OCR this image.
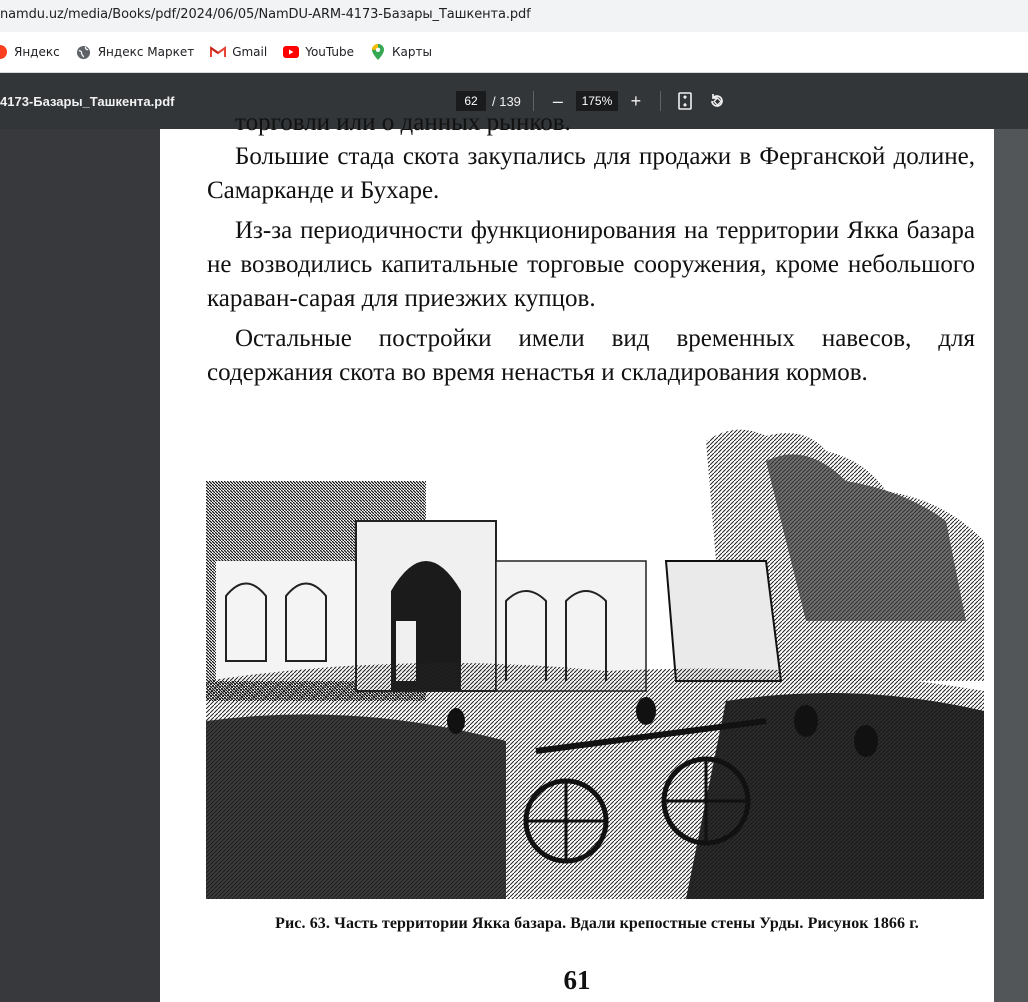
namdu.uz/media/Books/pdf/2024/06/05/NamDU-ARM-4173-Базары_Ташкента.pdf
Яндекс	Яндекс Маркет	Gmail	YouTube	Карты
4173-Базары_Ташкента.pdf	62	/ 139	–	175%	+
торговли или о данных рынков.

Большие стада скота закупались для продажи в Ферганской долине, Самарканде и Бухаре.

Из-за периодичности функционирования на территории Якка базара не возводились капитальные торговые сооружения, кроме небольшого караван-сарая для приезжих купцов.

Остальные постройки имели вид временных навесов, для содержания скота во время ненастья и складирования кормов.

Рис. 63. Часть территории Якка базара. Вдали крепостные стены Урды. Рисунок 1866 г.
61
